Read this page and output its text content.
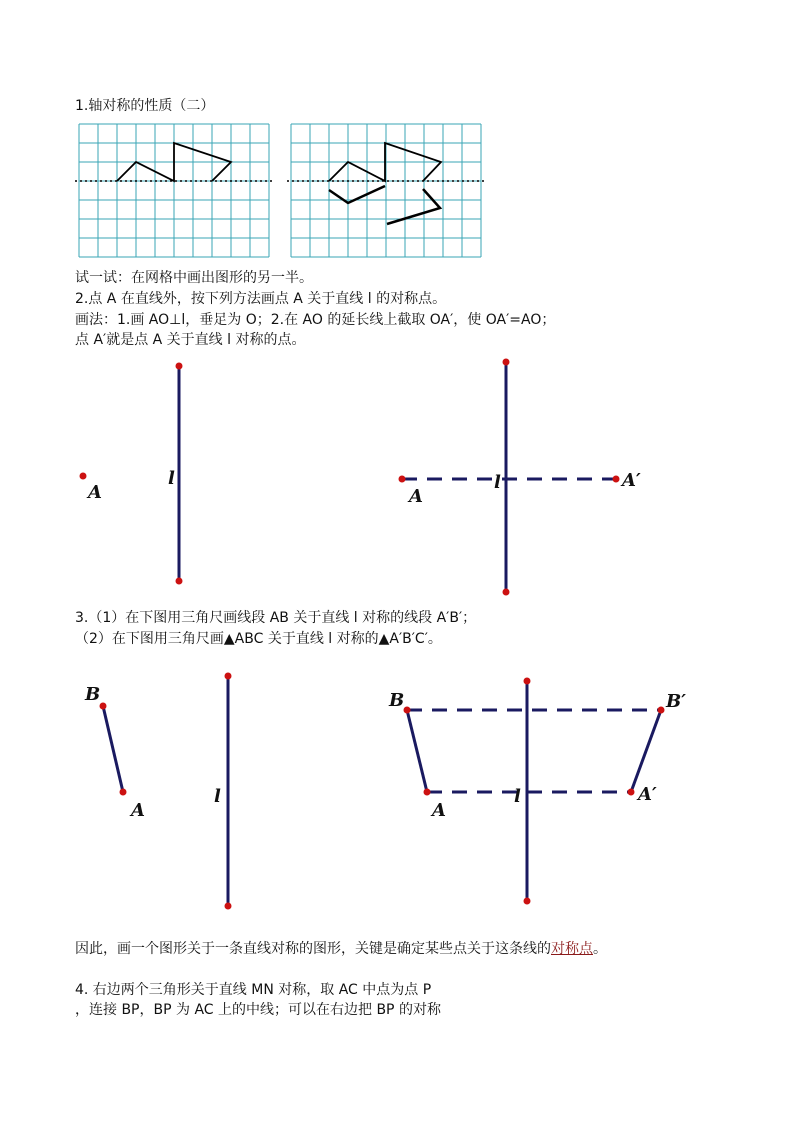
1.轴对称的性质（二）
A
l
A
l	A′
B
A
l
B
A
l
B′
A′
试一试：在网格中画出图形的另一半。
2.点 A 在直线外，按下列方法画点 A 关于直线 l 的对称点。
画法：1.画 AO⊥l，垂足为 O；2.在 AO 的延长线上截取 OA′，使 OA′=AO；
点 A′就是点 A 关于直线 l 对称的点。
3.（1）在下图用三角尺画线段 AB 关于直线 l 对称的线段 A′B′；
（2）在下图用三角尺画▲ABC 关于直线 l 对称的▲A′B′C′。
因此，画一个图形关于一条直线对称的图形，关键是确定某些点关于这条线的对称点。
4. 右边两个三角形关于直线 MN 对称，取 AC 中点为点 P
，连接 BP，BP 为 AC 上的中线；可以在右边把 BP 的对称
